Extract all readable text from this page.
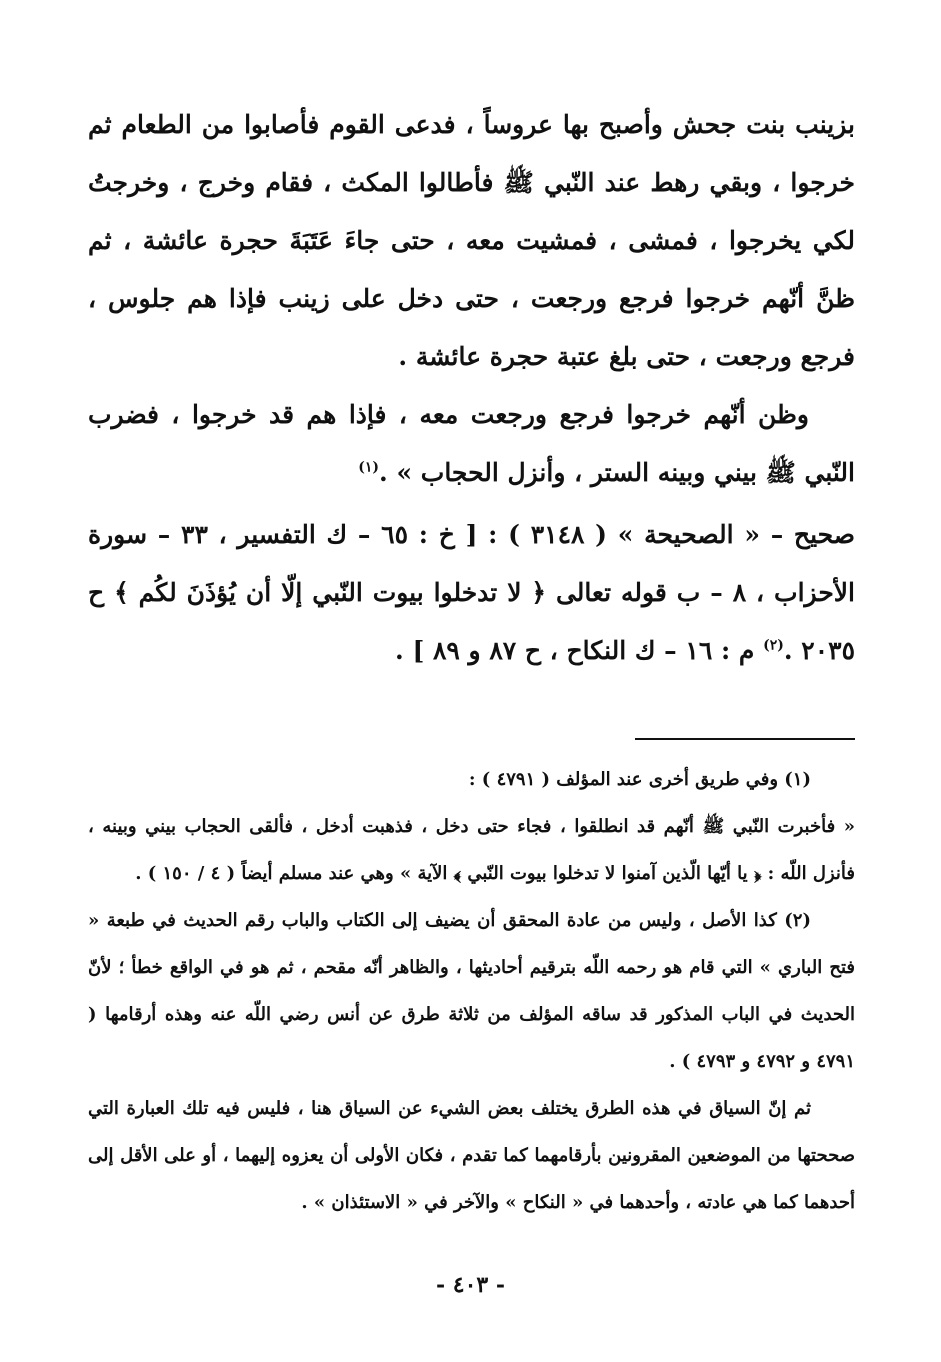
بزينب بنت جحش وأصبح بها عروساً ، فدعى القوم فأصابوا من الطعام ثم خرجوا ، وبقي رهط عند النّبي ﷺ فأطالوا المكث ، فقام وخرج ، وخرجتُ لكي يخرجوا ، فمشى ، فمشيت معه ، حتى جاءَ عَتَبَةَ حجرة عائشة ، ثم ظنَّ أنّهم خرجوا فرجع ورجعت ، حتى دخل على زينب فإذا هم جلوس ، فرجع ورجعت ، حتى بلغ عتبة حجرة عائشة .

وظن أنّهم خرجوا فرجع ورجعت معه ، فإذا هم قد خرجوا ، فضرب النّبي ﷺ بيني وبينه الستر ، وأنزل الحجاب » .$^{(١)}$

صحيح – « الصحيحة » ( ٣١٤٨ ) : [ خ : ٦٥ – ك التفسير ، ٣٣ – سورة الأحزاب ، ٨ – ب قوله تعالى ﴿ لا تدخلوا بيوت النّبي إلّا أن يُؤذَنَ لكُم ﴾ ح ٢٠٣٥ .$^{(٢)}$ م : ١٦ – ك النكاح ، ح ٨٧ و ٨٩ ] .

(١) وفي طريق أخرى عند المؤلف ( ٤٧٩١ ) :

« فأخبرت النّبي ﷺ أنّهم قد انطلقوا ، فجاء حتى دخل ، فذهبت أدخل ، فألقى الحجاب بيني وبينه ، فأنزل اللّه : ﴿ يا أيّها الّذين آمنوا لا تدخلوا بيوت النّبي ﴾ الآية » وهي عند مسلم أيضاً ( ٤ / ١٥٠ ) .

(٢) كذا الأصل ، وليس من عادة المحقق أن يضيف إلى الكتاب والباب رقم الحديث في طبعة « فتح الباري » التي قام هو رحمه اللّه بترقيم أحاديثها ، والظاهر أنّه مقحم ، ثم هو في الواقع خطأ ؛ لأنّ الحديث في الباب المذكور قد ساقه المؤلف من ثلاثة طرق عن أنس رضي اللّه عنه وهذه أرقامها ( ٤٧٩١ و ٤٧٩٢ و ٤٧٩٣ ) .

ثم إنّ السياق في هذه الطرق يختلف بعض الشيء عن السياق هنا ، فليس فيه تلك العبارة التي صححتها من الموضعين المقرونين بأرقامهما كما تقدم ، فكان الأولى أن يعزوه إليهما ، أو على الأقل إلى أحدهما كما هي عادته ، وأحدهما في « النكاح » والآخر في « الاستئذان » .

- ٤٠٣ -
